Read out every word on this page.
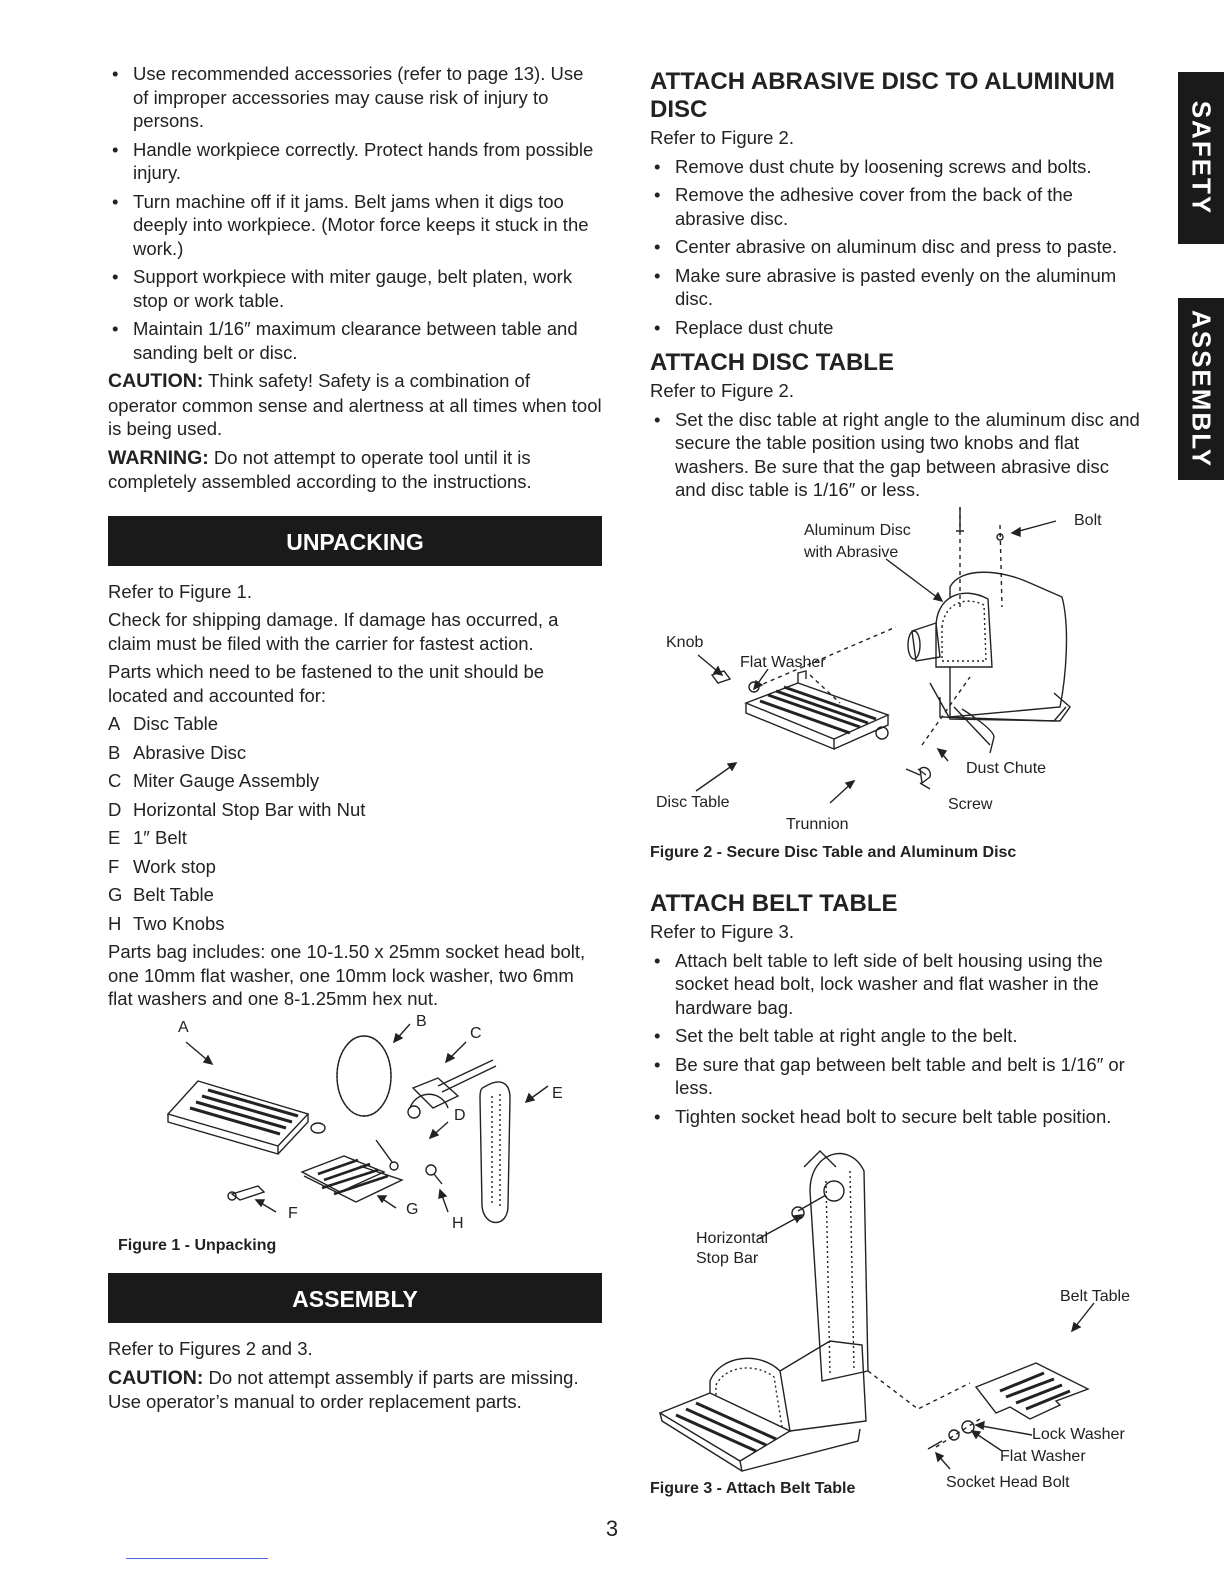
• Use recommended accessories (refer to page 13). Use of improper accessories may cause risk of injury to persons.
• Handle workpiece correctly. Protect hands from possible injury.
• Turn machine off if it jams. Belt jams when it digs too deeply into workpiece. (Motor force keeps it stuck in the work.)
• Support workpiece with miter gauge, belt platen, work stop or work table.
• Maintain 1/16″ maximum clearance between table and sanding belt or disc.

CAUTION: Think safety! Safety is a combination of operator common sense and alertness at all times when tool is being used.

WARNING: Do not attempt to operate tool until it is completely assembled according to the instructions.

UNPACKING

Refer to Figure 1.

Check for shipping damage. If damage has occurred, a claim must be filed with the carrier for fastest action.

Parts which need to be fastened to the unit should be located and accounted for:

A Disc Table
B Abrasive Disc
C Miter Gauge Assembly
D Horizontal Stop Bar with Nut
E 1″ Belt
F Work stop
G Belt Table
H Two Knobs

Parts bag includes: one 10-1.50 x 25mm socket head bolt, one 10mm flat washer, one 10mm lock washer, two 6mm flat washers and one 8-1.25mm hex nut.

A	B
C
E
D
F	G
H
Figure 1 - Unpacking
ASSEMBLY

Refer to Figures 2 and 3.

CAUTION: Do not attempt assembly if parts are missing. Use operator’s manual to order replacement parts.

ATTACH ABRASIVE DISC TO ALUMINUM DISC

Refer to Figure 2.

• Remove dust chute by loosening screws and bolts.
• Remove the adhesive cover from the back of the abrasive disc.
• Center abrasive on aluminum disc and press to paste.
• Make sure abrasive is pasted evenly on the aluminum disc.
• Replace dust chute
ATTACH DISC TABLE

Refer to Figure 2.

• Set the disc table at right angle to the aluminum disc and secure the table position using two knobs and flat washers. Be sure that the gap between abrasive disc and disc table is 1/16″ or less.
Aluminum Disc
with Abrasive
Bolt
Knob
Flat Washer
Dust Chute
Disc Table	Screw
Trunnion
Figure 2 - Secure Disc Table and Aluminum Disc
ATTACH BELT TABLE

Refer to Figure 3.

• Attach belt table to left side of belt housing using the socket head bolt, lock washer and flat washer in the hardware bag.
• Set the belt table at right angle to the belt.
• Be sure that gap between belt table and belt is 1/16″ or less.
• Tighten socket head bolt to secure belt table position.
Horizontal
Stop Bar
Belt Table
Lock Washer
Flat Washer
Socket Head Bolt
Figure 3 - Attach Belt Table
SAFETY
ASSEMBLY
3
